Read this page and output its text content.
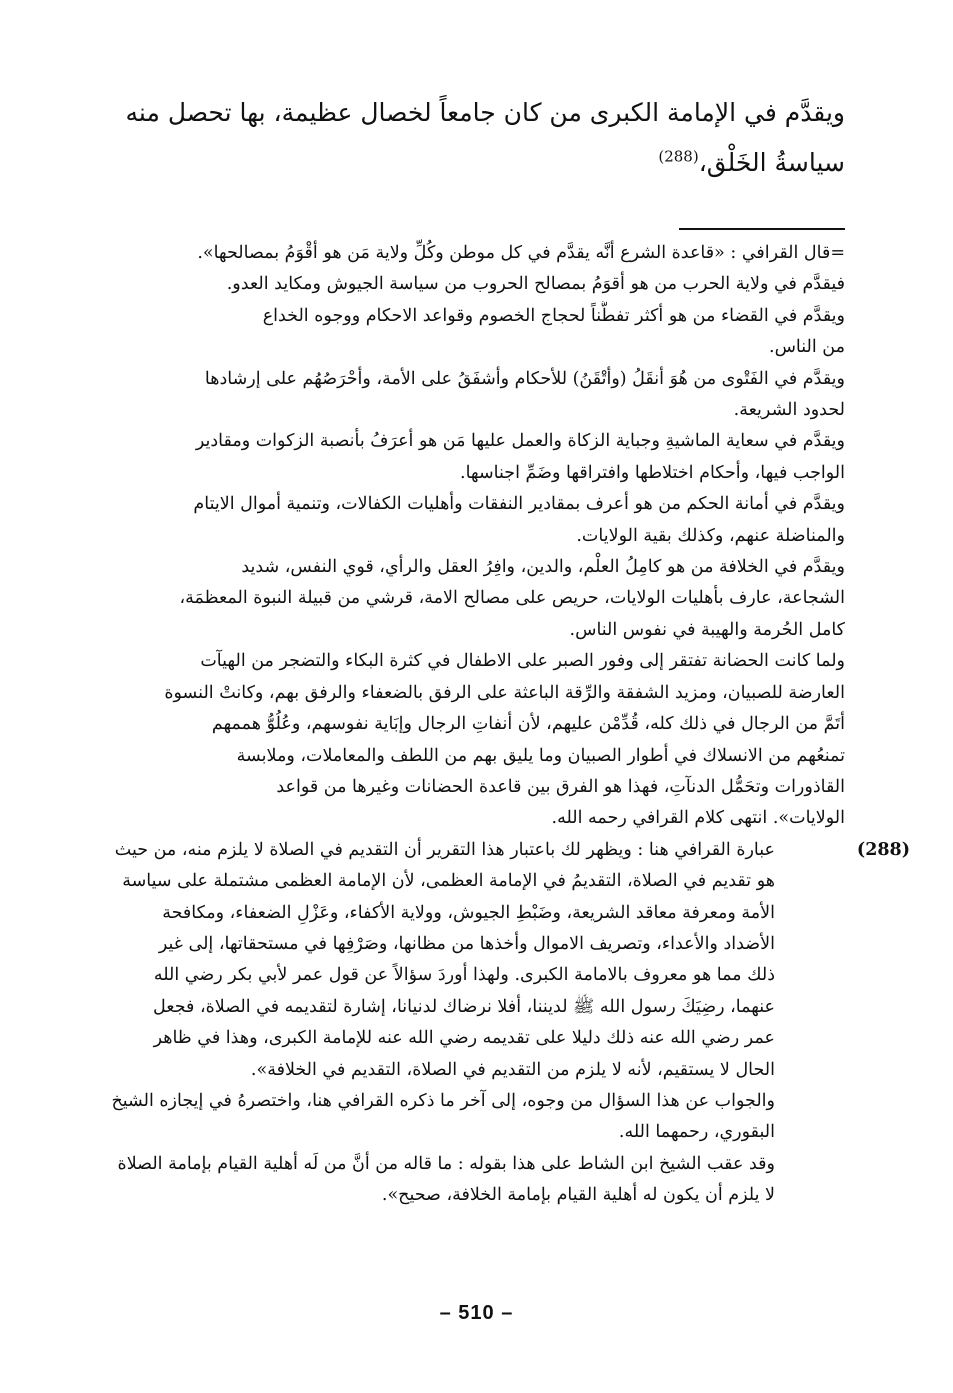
ويقدَّم في الإمامة الكبرى من كان جامعاً لخصال عظيمة، بها تحصل منه
سياسةُ الخَلْق،$^{(288)}$
=قال القرافي : «قاعدة الشرع أنَّه يقدَّم في كل موطن وكُلِّ ولاية مَن هو أقْوَمُ بمصالحها».
فيقدَّم في ولاية الحرب من هو أقوَمُ بمصالح الحروب من سياسة الجيوش ومكايد العدو.
ويقدَّم في القضاء من هو أكثر تفطُّناً لحجاج الخصوم وقواعد الاحكام ووجوه الخداع
من الناس.
ويقدَّم في الفَتْوى من هُوَ أنقَلُ (وأتْقَنُ) للأحكام وأشفَقُ على الأمة، وأحْرَصُهُم على إرشادها
لحدود الشريعة.
ويقدَّم في سعاية الماشيةِ وجباية الزكاة والعمل عليها مَن هو أعرَفُ بأنصبة الزكوات ومقادير
الواجب فيها، وأحكام اختلاطها وافتراقها وضَمِّ اجناسها.
ويقدَّم في أمانة الحكم من هو أعرف بمقادير النفقات وأهليات الكفالات، وتنمية أموال الايتام
والمناضلة عنهم، وكذلك بقية الولايات.
ويقدَّم في الخلافة من هو كامِلُ العلْم، والدين، وافِرُ العقل والرأي، قوي النفس، شديد
الشجاعة، عارف بأهليات الولايات، حريص على مصالح الامة، قرشي من قبيلة النبوة المعظمَة،
كامل الحُرمة والهيبة في نفوس الناس.
ولما كانت الحضانة تفتقر إلى وفور الصبر على الاطفال في كثرة البكاء والتضجر من الهيآت
العارضة للصبيان، ومزيد الشفقة والرِّقة الباعثة على الرفق بالضعفاء والرفق بهم، وكانتْ النسوة
أتَمَّ من الرجال في ذلك كله، قُدِّمْن عليهم، لأن أنفاتِ الرجال وإبَاية نفوسهم، وعُلُوُّ هممهم
تمنعُهم من الانسلاك في أطوار الصبيان وما يليق بهم من اللطف والمعاملات، وملابسة
القاذورات وتحَمُّل الدنآتِ، فهذا هو الفرق بين قاعدة الحضانات وغيرها من قواعد
الولايات». انتهى كلام القرافي رحمه الله.
(288)
عبارة القرافي هنا : ويظهر لك باعتبار هذا التقرير أن التقديم في الصلاة لا يلزم منه، من حيث
هو تقديم في الصلاة، التقديمُ في الإمامة العظمى، لأن الإمامة العظمى مشتملة على سياسة
الأمة ومعرفة معاقد الشريعة، وضَبْطِ الجيوش، وولاية الأكفاء، وعَزْلِ الضعفاء، ومكافحة
الأضداد والأعداء، وتصريف الاموال وأخذها من مظانها، وصَرْفِها في مستحقاتها، إلى غير
ذلك مما هو معروف بالامامة الكبرى. ولهذا أوردَ سؤالاً عن قول عمر لأبي بكر رضي الله
عنهما، رضِيَكَ رسول الله ﷺ لديننا، أفلا نرضاك لدنيانا، إشارة لتقديمه في الصلاة، فجعل
عمر رضي الله عنه ذلك دليلا على تقديمه رضي الله عنه للإمامة الكبرى، وهذا في ظاهر
الحال لا يستقيم، لأنه لا يلزم من التقديم في الصلاة، التقديم في الخلافة».
والجواب عن هذا السؤال من وجوه، إلى آخر ما ذكره القرافي هنا، واختصرهُ في إيجازه الشيخ
البقوري، رحمهما الله.
وقد عقب الشيخ ابن الشاط على هذا بقوله : ما قاله من أنَّ من لَه أهلية القيام بإمامة الصلاة
لا يلزم أن يكون له أهلية القيام بإمامة الخلافة، صحيح».
– 510 –
